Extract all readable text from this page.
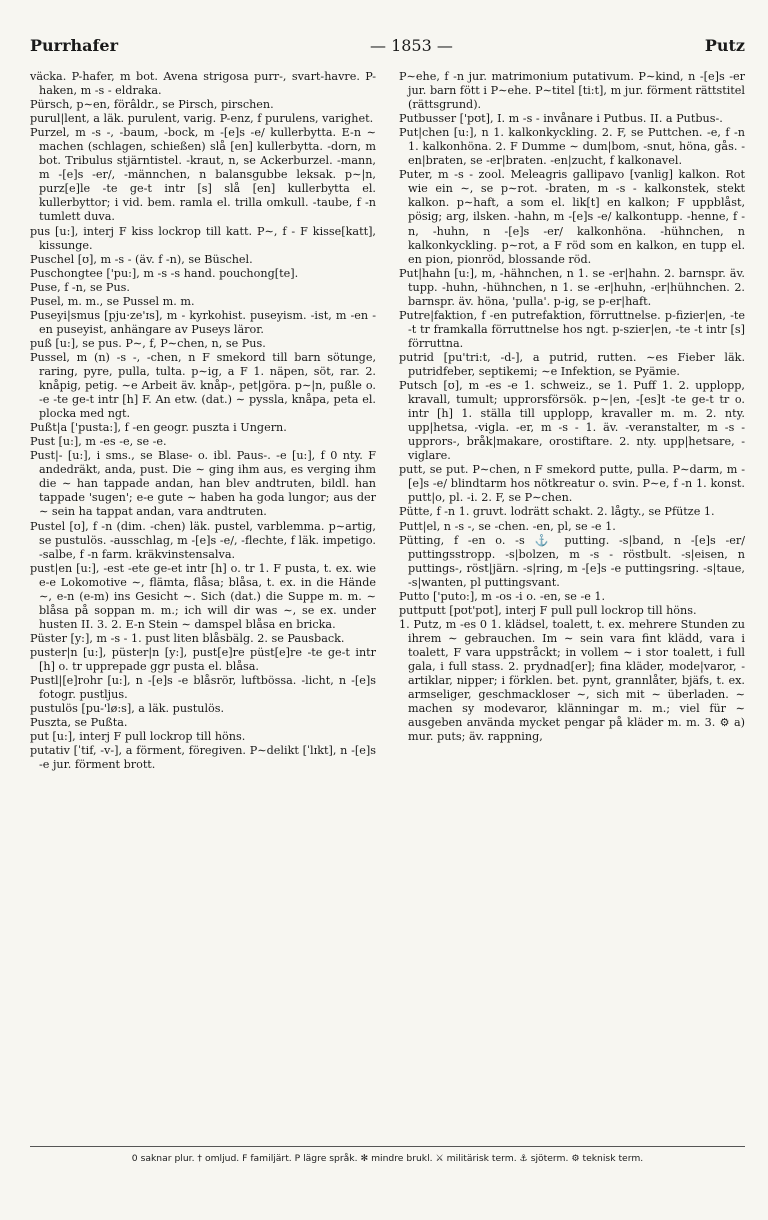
Purrhafer	— 1853 —	Putz

väcka. P-hafer, m bot. Avena strigosa purr-, svart-havre. P-haken, m -s - eldraka.

Pürsch, p∼en, förâldr., se Pirsch, pirschen.

purul|lent, a läk. purulent, varig. P-enz, f purulens, varighet.

Purzel, m -s -, -baum, -bock, m -[e]s -e/ kullerbytta. E-n ∼ machen (schlagen, schießen) slå [en] kullerbytta. -dorn, m bot. Tribulus stjärntistel. -kraut, n, se Ackerburzel. -mann, m -[e]s -er/, -männchen, n balansgubbe leksak. p∼|n, purz[e]le -te ge-t intr [s] slå [en] kullerbytta el. kullerbyttor; i vid. bem. ramla el. trilla omkull. -taube, f -n tumlett duva.

pus [u:], interj F kiss lockrop till katt. P∼, f - F kisse[katt], kissunge.

Puschel [ʊ], m -s - (äv. f -n), se Büschel.

Puschongtee ['pu:], m -s -s hand. pouchong[te].

Puse, f -n, se Pus.

Pusel, m. m., se Pussel m. m.

Puseyi|smus [pju·ze'ɪs], m - kyrkohist. puseyism. -ist, m -en -en puseyist, anhängare av Puseys läror.

puß [u:], se pus. P∼, f, P∼chen, n, se Pus.

Pussel, m (n) -s -, -chen, n F smekord till barn sötunge, raring, pyre, pulla, tulta. p∼ig, a F 1. näpen, söt, rar. 2. knåpig, petig. ∼e Arbeit äv. knåp-, pet|göra. p∼|n, pußle o. -e -te ge-t intr [h] F. An etw. (dat.) ∼ pyssla, knåpa, peta el. plocka med ngt.

Pußt|a ['pusta:], f -en geogr. puszta i Ungern.

Pust [u:], m -es -e, se -e.

Pust|- [u:], i sms., se Blase- o. ibl. Paus-. -e [u:], f 0 nty. F andedräkt, anda, pust. Die ∼ ging ihm aus, es verging ihm die ∼ han tappade andan, han blev andtruten, bildl. han tappade 'sugen'; e-e gute ∼ haben ha goda lungor; aus der ∼ sein ha tappat andan, vara andtruten.

Pustel [ʊ], f -n (dim. -chen) läk. pustel, varblemma. p∼artig, se pustulös. -ausschlag, m -[e]s -e/, -flechte, f läk. impetigo. -salbe, f -n farm. kräkvinstensalva.

pust|en [u:], -est -ete ge-et intr [h] o. tr 1. F pusta, t. ex. wie e-e Lokomotive ∼, flämta, flåsa; blåsa, t. ex. in die Hände ∼, e-n (e-m) ins Gesicht ∼. Sich (dat.) die Suppe m. m. ∼ blåsa på soppan m. m.; ich will dir was ∼, se ex. under husten II. 3. 2. E-n Stein ∼ damspel blåsa en bricka.

Püster [y:], m -s - 1. pust liten blåsbälg. 2. se Pausback.

puster|n [u:], püster|n [y:], pust[e]re püst[e]re -te ge-t intr [h] o. tr upprepade ggr pusta el. blåsa.

Pustl|[e]rohr [u:], n -[e]s -e blåsrör, luftbössa. -licht, n -[e]s fotogr. pustljus.

pustulös [pu-'lø:s], a läk. pustulös.

Puszta, se Pußta.

put [u:], interj F pull lockrop till höns.

putativ [ˈtif, -v-], a förment, föregiven. P∼delikt [ˈlɪkt], n -[e]s -e jur. förment brott.

P∼ehe, f -n jur. matrimonium putativum. P∼kind, n -[e]s -er jur. barn fött i P∼ehe. P∼titel [ti:t], m jur. förment rättstitel (rättsgrund).

Putbusser ['pʊt], I. m -s - invånare i Putbus. II. a Putbus-.

Put|chen [u:], n 1. kalkonkyckling. 2. F, se Puttchen. -e, f -n 1. kalkonhöna. 2. F Dumme ∼ dum|bom, -snut, höna, gås. -en|braten, se -er|braten. -en|zucht, f kalkonavel.

Puter, m -s - zool. Meleagris gallipavo [vanlig] kalkon. Rot wie ein ∼, se p∼rot. -braten, m -s - kalkonstek, stekt kalkon. p∼haft, a som el. lik[t] en kalkon; F uppblåst, pösig; arg, ilsken. -hahn, m -[e]s -e/ kalkontupp. -henne, f -n, -huhn, n -[e]s -er/ kalkonhöna. -hühnchen, n kalkonkyckling. p∼rot, a F röd som en kalkon, en tupp el. en pion, pionröd, blossande röd.

Put|hahn [u:], m, -hähnchen, n 1. se -er|hahn. 2. barnspr. äv. tupp. -huhn, -hühnchen, n 1. se -er|huhn, -er|hühnchen. 2. barnspr. äv. höna, 'pulla'. p-ig, se p-er|haft.

Putre|faktion, f -en putrefaktion, förruttnelse. p-fizier|en, -te -t tr framkalla förruttnelse hos ngt. p-szier|en, -te -t intr [s] förruttna.

putrid [pu'tri:t, -d-], a putrid, rutten. ∼es Fieber läk. putridfeber, septikemi; ∼e Infektion, se Pyämie.

Putsch [ʊ], m -es -e 1. schweiz., se 1. Puff 1. 2. upplopp, kravall, tumult; upprorsförsök. p∼|en, -[es]t -te ge-t tr o. intr [h] 1. ställa till upplopp, kravaller m. m. 2. nty. upp|hetsa, -vigla. -er, m -s - 1. äv. -veranstalter, m -s - upprors-, bråk|makare, orostiftare. 2. nty. upp|hetsare, -viglare.

putt, se put. P∼chen, n F smekord putte, pulla. P∼darm, m -[e]s -e/ blindtarm hos nötkreatur o. svin. P∼e, f -n 1. konst. putt|o, pl. -i. 2. F, se P∼chen.

Pütte, f -n 1. gruvt. lodrätt schakt. 2. lågty., se Pfütze 1.

Putt|el, n -s -, se -chen. -en, pl, se -e 1.

Pütting, f -en o. -s ⚓ putting. -s|band, n -[e]s -er/ puttingsstropp. -s|bolzen, m -s - röstbult. -s|eisen, n puttings-, röst|järn. -s|ring, m -[e]s -e puttingsring. -s|taue, -s|wanten, pl puttingsvant.

Putto ['puto:], m -os -i o. -en, se -e 1.

puttputt [pʊt'pʊt], interj F pull pull lockrop till höns.

1. Putz, m -es 0 1. klädsel, toalett, t. ex. mehrere Stunden zu ihrem ∼ gebrauchen. Im ∼ sein vara fint klädd, vara i toalett, F vara uppstråckt; in vollem ∼ i stor toalett, i full gala, i full stass. 2. prydnad[er]; fina kläder, mode|varor, -artiklar, nipper; i förklen. bet. pynt, grannlåter, bjäfs, t. ex. armseliger, geschmackloser ∼, sich mit ∼ überladen. ∼ machen sy modevaror, klänningar m. m.; viel für ∼ ausgeben använda mycket pengar på kläder m. m. 3. ⚙ a) mur. puts; äv. rappning,

0 saknar plur. † omljud. F familjärt. P lägre språk. ✻ mindre brukl. ⚔ militärisk term. ⚓ sjöterm. ⚙ teknisk term.
